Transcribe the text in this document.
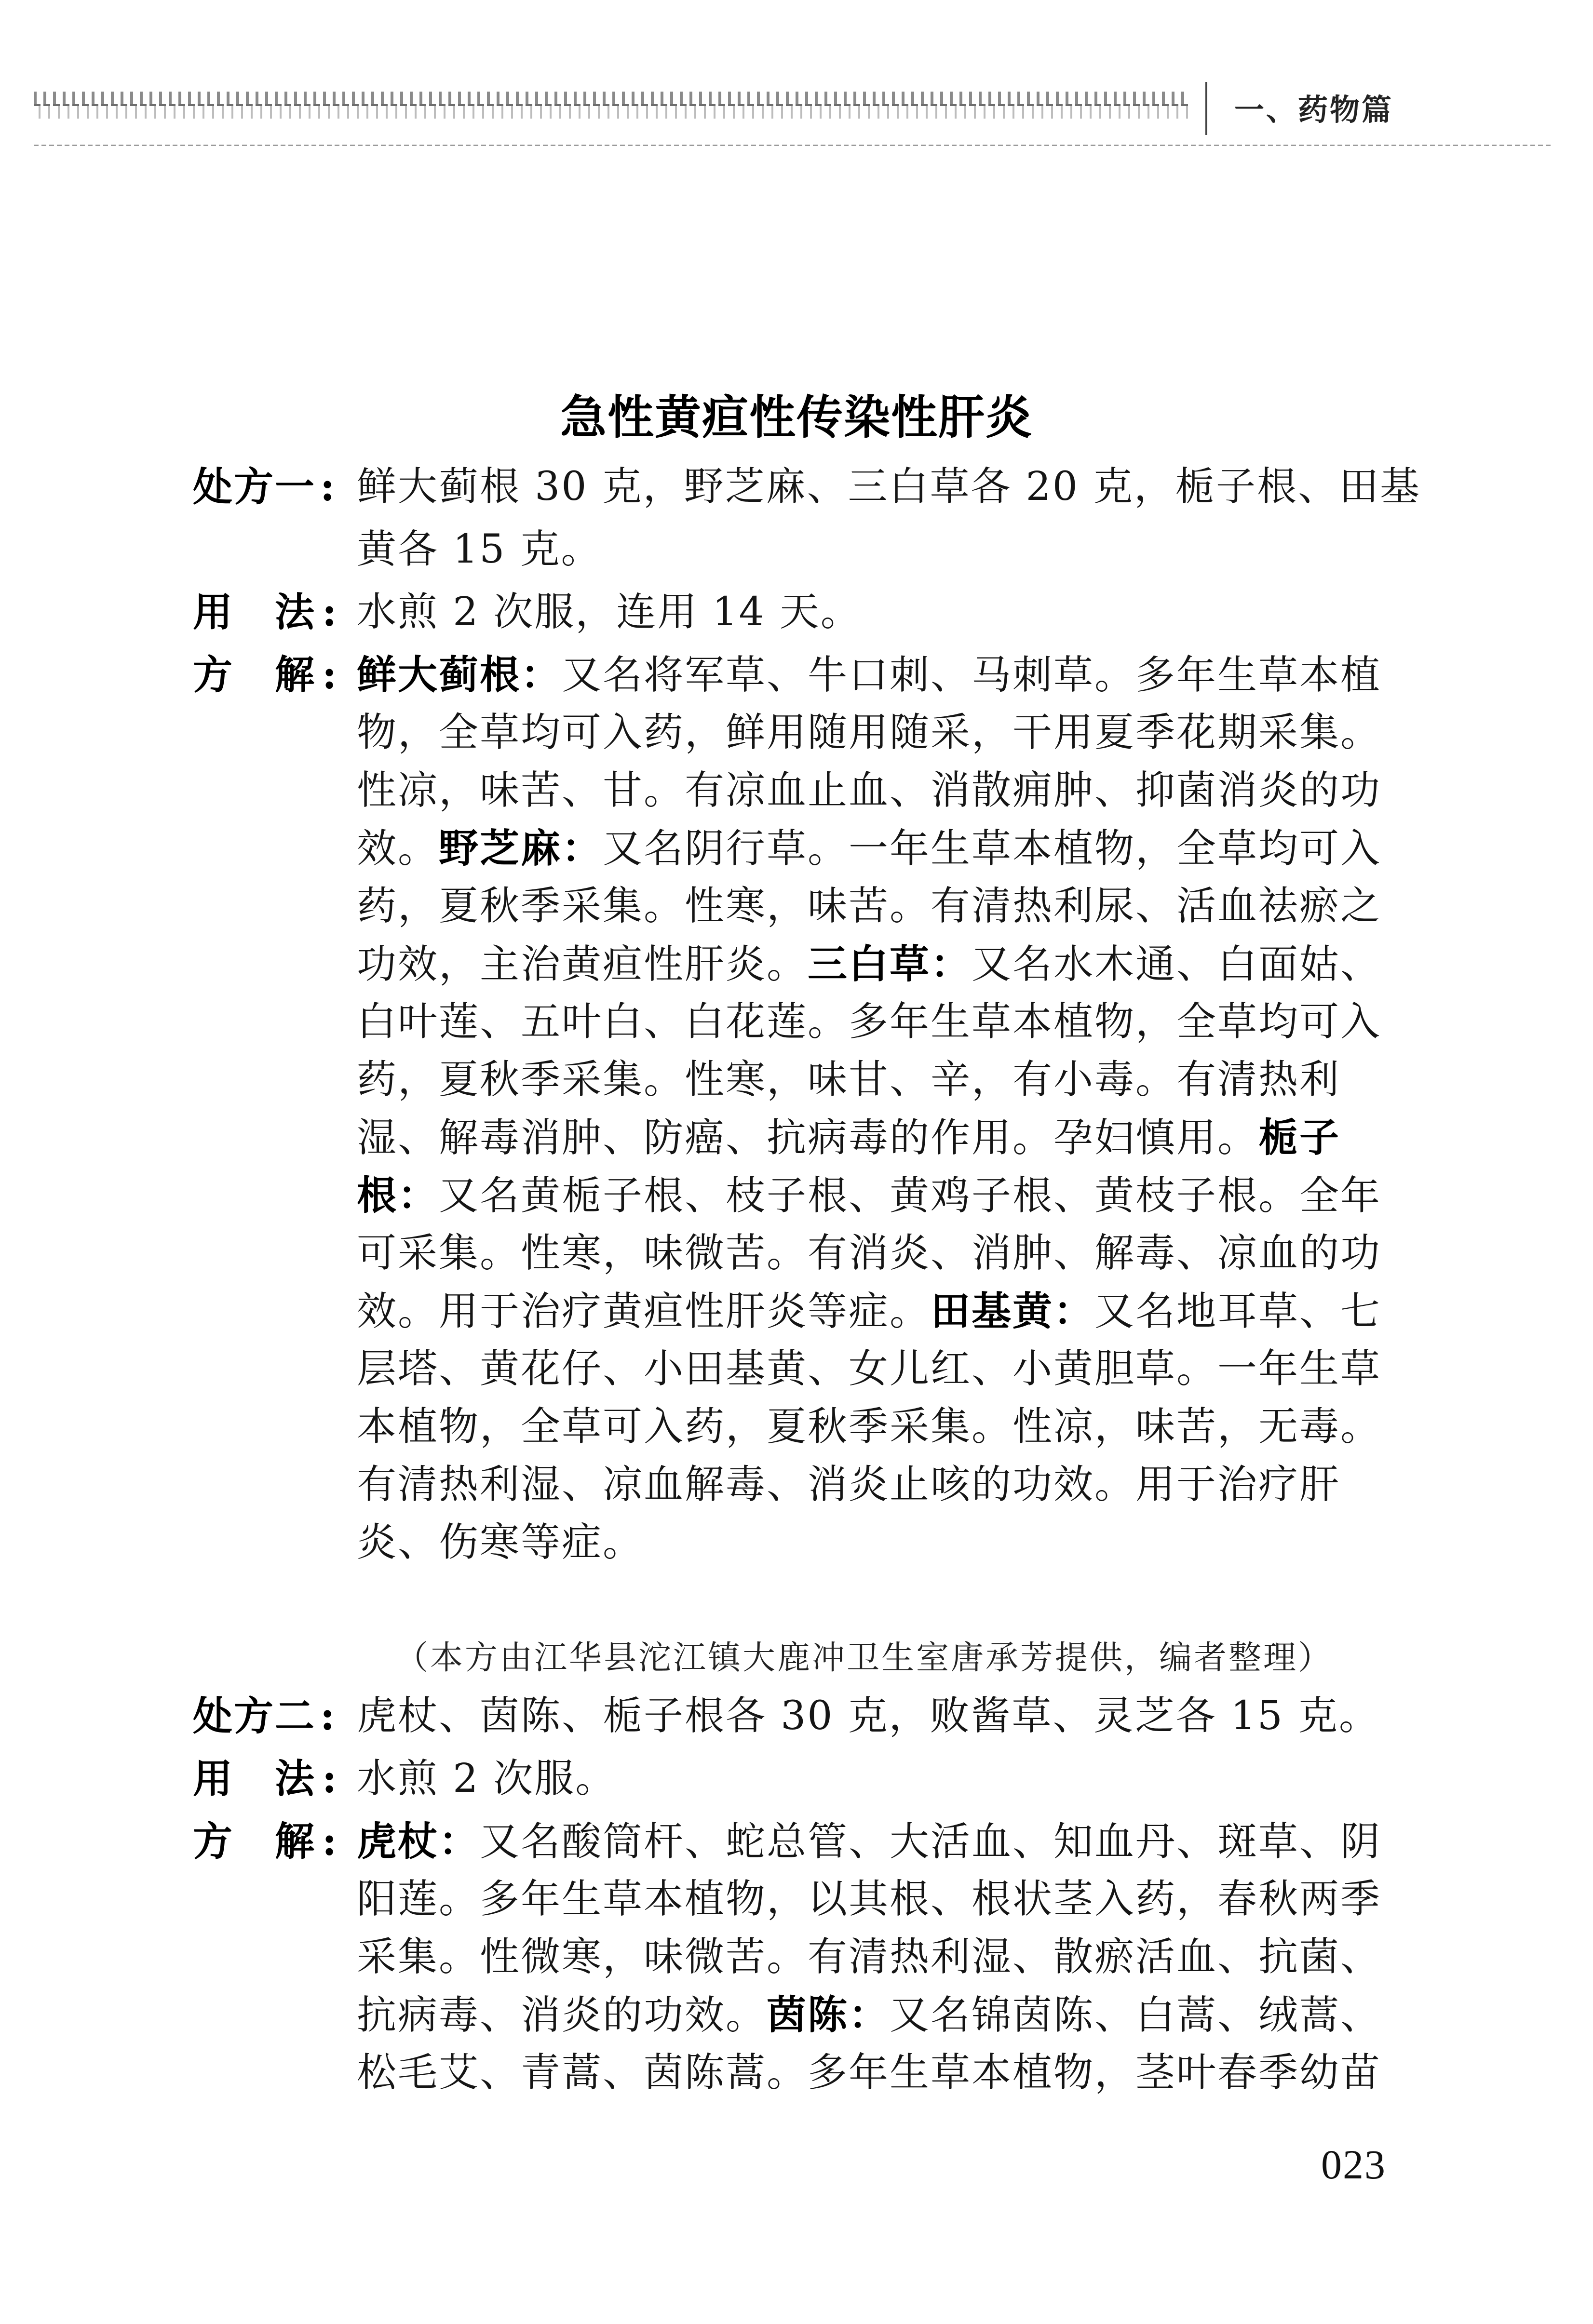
一、药物篇
急性黄疸性传染性肝炎
处方一 : 鲜大蓟根 30 克，野芝麻、三白草各 20 克，栀子根、田基
黄各 15 克。
用 法 : 水煎 2 次服，连用 14 天。
方 解 : 鲜大蓟根：又名将军草、牛口刺、马刺草。多年生草本植
物，全草均可入药，鲜用随用随采，干用夏季花期采集。
性凉，味苦、甘。有凉血止血、消散痈肿、抑菌消炎的功
效。野芝麻：又名阴行草。一年生草本植物，全草均可入
药，夏秋季采集。性寒，味苦。有清热利尿、活血祛瘀之
功效，主治黄疸性肝炎。三白草：又名水木通、白面姑、
白叶莲、五叶白、白花莲。多年生草本植物，全草均可入
药，夏秋季采集。性寒，味甘、辛，有小毒。有清热利
湿、解毒消肿、防癌、抗病毒的作用。孕妇慎用。栀子
根：又名黄栀子根、枝子根、黄鸡子根、黄枝子根。全年
可采集。性寒，味微苦。有消炎、消肿、解毒、凉血的功
效。用于治疗黄疸性肝炎等症。田基黄：又名地耳草、七
层塔、黄花仔、小田基黄、女儿红、小黄胆草。一年生草
本植物，全草可入药，夏秋季采集。性凉，味苦，无毒。
有清热利湿、凉血解毒、消炎止咳的功效。用于治疗肝
炎、伤寒等症。
（本方由江华县沱江镇大鹿冲卫生室唐承芳提供，编者整理）
处方二 : 虎杖、茵陈、栀子根各 30 克，败酱草、灵芝各 15 克。
用 法 : 水煎 2 次服。
方 解 : 虎杖：又名酸筒杆、蛇总管、大活血、知血丹、斑草、阴
阳莲。多年生草本植物，以其根、根状茎入药，春秋两季
采集。性微寒，味微苦。有清热利湿、散瘀活血、抗菌、
抗病毒、消炎的功效。茵陈：又名锦茵陈、白蒿、绒蒿、
松毛艾、青蒿、茵陈蒿。多年生草本植物，茎叶春季幼苗
023
